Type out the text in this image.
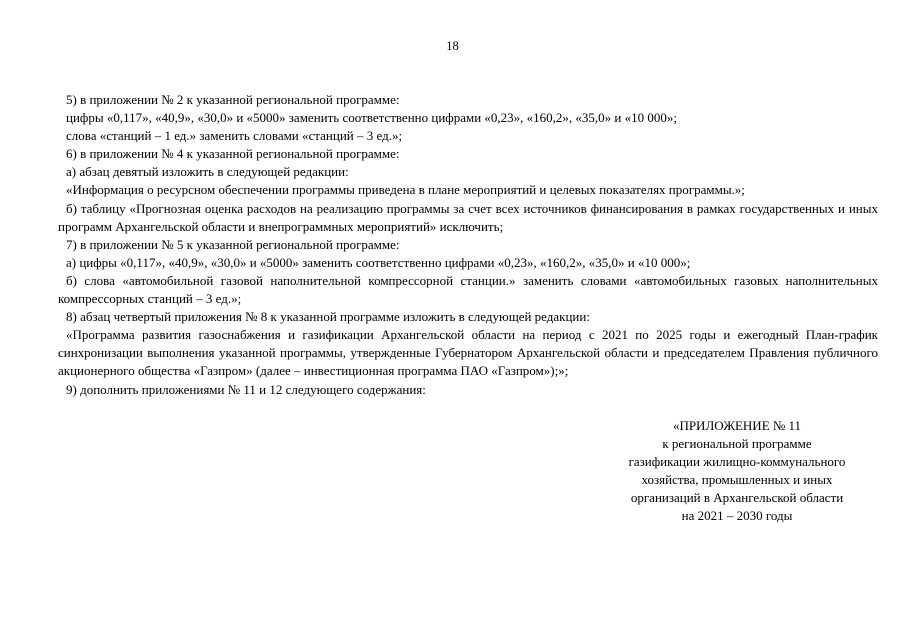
18

5) в приложении № 2 к указанной региональной программе:

цифры «0,117», «40,9», «30,0» и «5000» заменить соответственно цифрами «0,23», «160,2», «35,0» и «10 000»;

слова «станций – 1 ед.» заменить словами «станций – 3 ед.»;

6) в приложении № 4 к указанной региональной программе:

а) абзац девятый изложить в следующей редакции:

«Информация о ресурсном обеспечении программы приведена в плане мероприятий и целевых показателях программы.»;

б) таблицу «Прогнозная оценка расходов на реализацию программы за счет всех источников финансирования в рамках государственных и иных программ Архангельской области и внепрограммных мероприятий» исключить;

7) в приложении № 5 к указанной региональной программе:

а) цифры «0,117», «40,9», «30,0» и «5000» заменить соответственно цифрами «0,23», «160,2», «35,0» и «10 000»;

б) слова «автомобильной газовой наполнительной компрессорной станции.» заменить словами «автомобильных газовых наполнительных компрессорных станций – 3 ед.»;

8) абзац четвертый приложения № 8 к указанной программе изложить в следующей редакции:

«Программа развития газоснабжения и газификации Архангельской области на период с 2021 по 2025 годы и ежегодный План-график синхронизации выполнения указанной программы, утвержденные Губернатором Архангельской области и председателем Правления публичного акционерного общества «Газпром» (далее – инвестиционная программа ПАО «Газпром»);»;

9) дополнить приложениями № 11 и 12 следующего содержания:

«ПРИЛОЖЕНИЕ № 11
к региональной программе
газификации жилищно-коммунального
хозяйства, промышленных и иных
организаций в Архангельской области
на 2021 – 2030 годы
